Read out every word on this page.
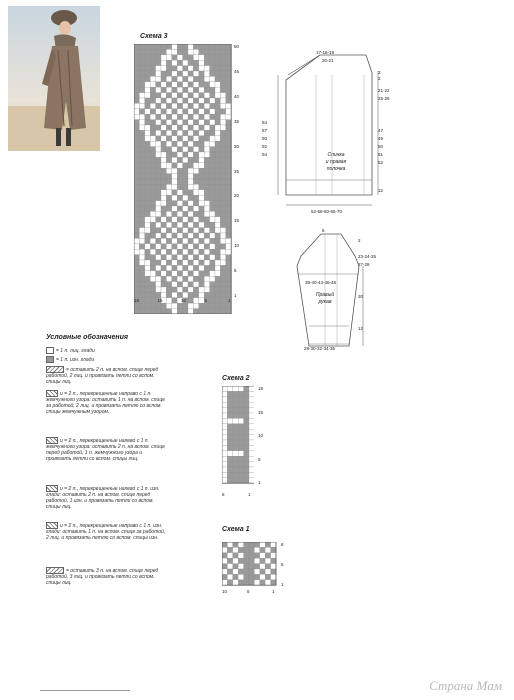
Схема 3
50
45
40
35
30
25
20
15
10
5
1
18	15	10	5	1
17-18-19
20-21
3
2
21-22
25-26
47
49
50
51
52
12
84
87
90
92
94	Спинка
и правая
полочка
52-56-60-65-70
6
2
23-24-26
27-28
30
12
38-40-43-46-48
Правый
рукав
28-30-32-34-36
Условные обозначения
= 1 п. лиц. глади
= 1 п. изн. глади
= оставить 2 п. на вспом. спице перед работой, 2 лиц. и провязать петли со вспом. спицы лиц.
и = 2 п., перекрещенные направо с 1 п. жемчужного узора: оставить 1 п. на вспом. спице за работой, 2 лиц. и провязать петлю со вспом. спицы жемчужным узором.
и = 2 п., перекрещенные налево с 1 п. жемчужного узора: оставить 2 п. на вспом. спице перед работой, 1 п. жемчужного узора и провязать петли со вспом. спицы лиц.
и = 2 п., перекрещенные налево с 1 п. изн. глади: оставить 2 п. на вспом. спице перед работой, 1 изн. и провязать петли со вспом. спицы лиц.
и = 2 п., перекрещенные направо с 1 п. изн. глади: оставить 1 п. на вспом. спице за работой, 2 лиц. и провязать петлю со вспом. спицы изн.
= оставить 3 п. на вспом. спице перед работой, 3 лиц. и провязать петли со вспом. спицы лиц.
Схема 2
18
15
10
5
1
6	1
Схема 1
8
5
1
10	5	1
Страна Мам
